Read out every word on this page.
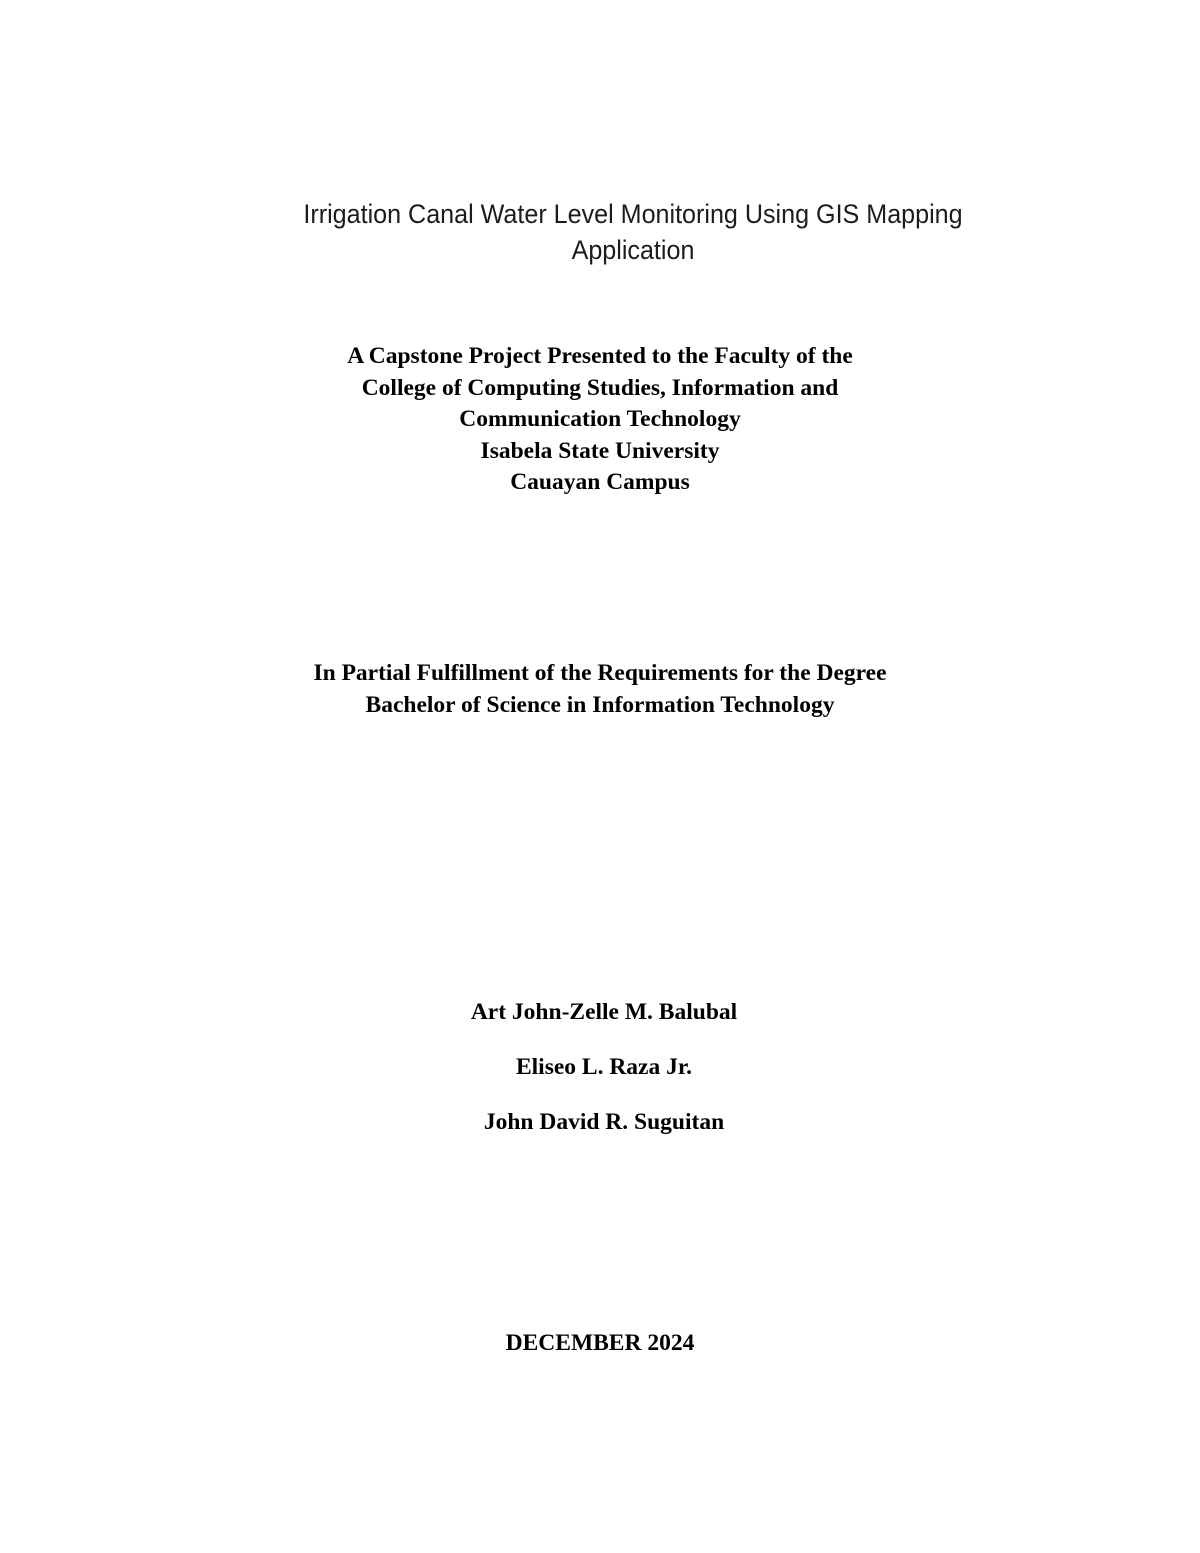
Irrigation Canal Water Level Monitoring Using GIS Mapping
Application
A Capstone Project Presented to the Faculty of the
College of Computing Studies, Information and
Communication Technology
Isabela State University
Cauayan Campus
In Partial Fulfillment of the Requirements for the Degree
Bachelor of Science in Information Technology
Art John-Zelle M. Balubal
Eliseo L. Raza Jr.
John David R. Suguitan
DECEMBER 2024
